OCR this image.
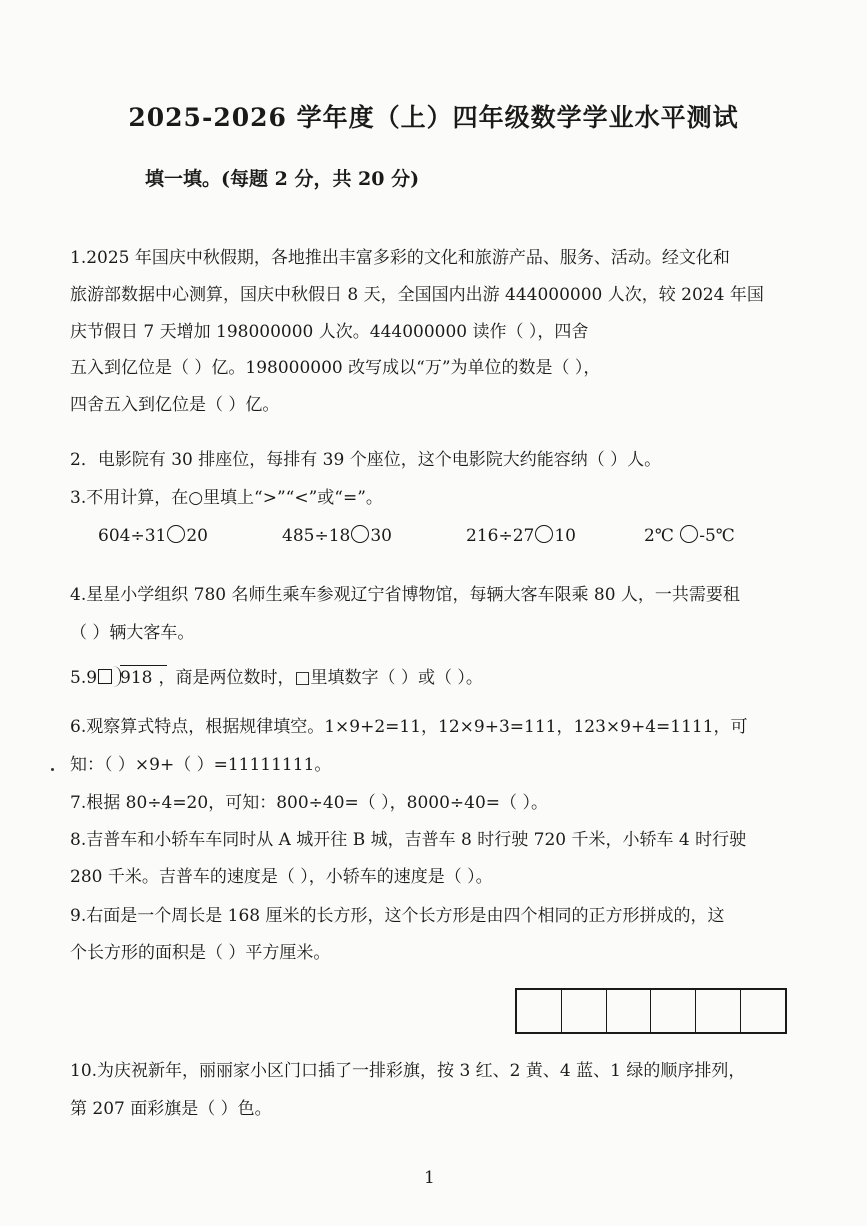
2025-2026 学年度（上）四年级数学学业水平测试
填一填。(每题 2 分，共 20 分)
1.2025 年国庆中秋假期，各地推出丰富多彩的文化和旅游产品、服务、活动。经文化和
旅游部数据中心测算，国庆中秋假日 8 天，全国国内出游 444000000 人次，较 2024 年国
庆节假日 7 天增加 198000000 人次。444000000 读作（ ），四舍
五入到亿位是（ ）亿。198000000 改写成以“万”为单位的数是（ ），
四舍五入到亿位是（ ）亿。
2．电影院有 30 排座位，每排有 39 个座位，这个电影院大约能容纳（ ）人。
3.不用计算，在○里填上“>”“<”或“=”。
604÷31 20	485÷18 30	216÷27 10	2℃ -5℃
4.星星小学组织 780 名师生乘车参观辽宁省博物馆，每辆大客车限乘 80 人，一共需要租
（ ）辆大客车。
5.9 918 ，商是两位数时，□里填数字（ ）或（ ）。
6.观察算式特点，根据规律填空。1×9+2=11，12×9+3=111，123×9+4=1111，可
知：（ ）×9+（ ）=11111111。
7.根据 80÷4=20，可知：800÷40=（ ），8000÷40=（ ）。
8.吉普车和小轿车车同时从 A 城开往 B 城，吉普车 8 时行驶 720 千米，小轿车 4 时行驶
280 千米。吉普车的速度是（ ），小轿车的速度是（ ）。
9.右面是一个周长是 168 厘米的长方形，这个长方形是由四个相同的正方形拼成的，这
个长方形的面积是（ ）平方厘米。
10.为庆祝新年，丽丽家小区门口插了一排彩旗，按 3 红、2 黄、4 蓝、1 绿的顺序排列，
第 207 面彩旗是（ ）色。
1
